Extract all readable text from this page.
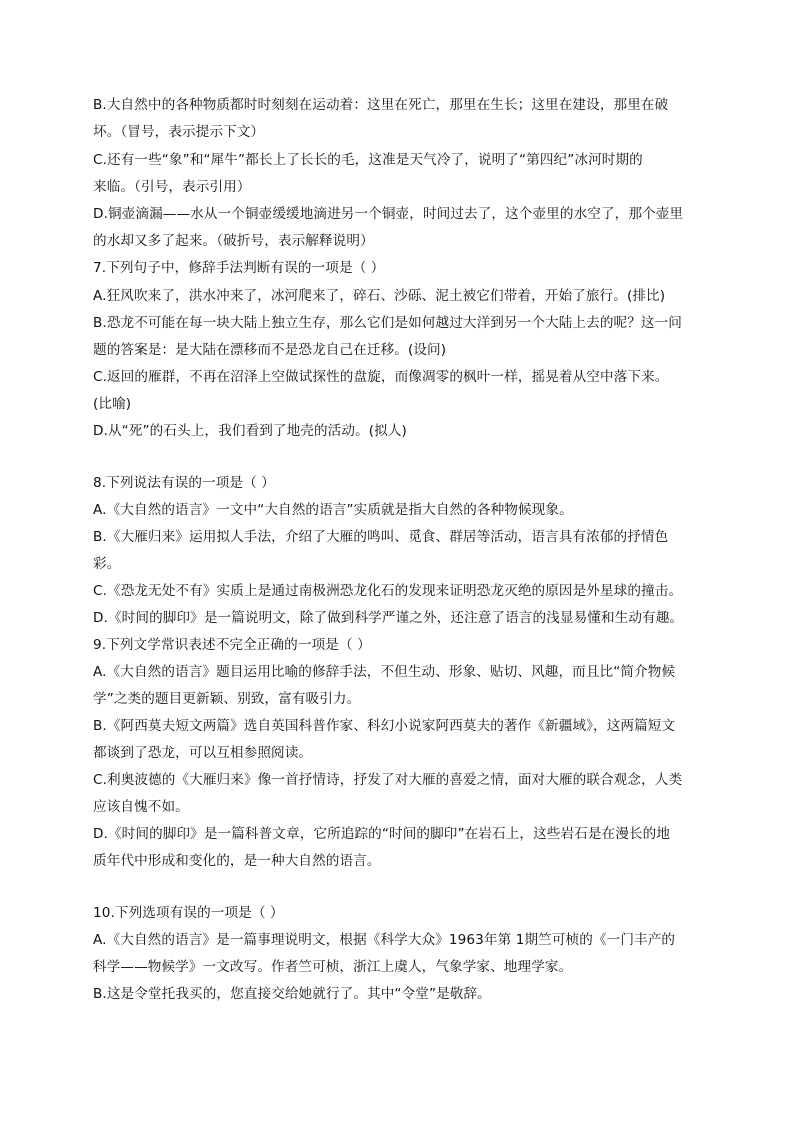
B.大自然中的各种物质都时时刻刻在运动着：这里在死亡，那里在生长；这里在建设，那里在破
坏。（冒号，表示提示下文）
C.还有一些“象”和“犀牛”都长上了长长的毛，这准是天气冷了，说明了“第四纪”冰河时期的
来临。（引号，表示引用）
D.铜壶滴漏——水从一个铜壶缓缓地滴进另一个铜壶，时间过去了，这个壶里的水空了，那个壶里
的水却又多了起来。（破折号，表示解释说明）
7.下列句子中，修辞手法判断有误的一项是（ ）
A.狂风吹来了，洪水冲来了，冰河爬来了，碎石、沙砾、泥土被它们带着，开始了旅行。(排比)
B.恐龙不可能在每一块大陆上独立生存，那么它们是如何越过大洋到另一个大陆上去的呢？这一问
题的答案是：是大陆在漂移而不是恐龙自己在迁移。(设问)
C.返回的雁群，不再在沼泽上空做试探性的盘旋，而像凋零的枫叶一样，摇晃着从空中落下来。
(比喻)
D.从“死”的石头上，我们看到了地壳的活动。(拟人)
8.下列说法有误的一项是（ ）
A.《大自然的语言》一文中“大自然的语言”实质就是指大自然的各种物候现象。
B.《大雁归来》运用拟人手法，介绍了大雁的鸣叫、觅食、群居等活动，语言具有浓郁的抒情色
彩。
C.《恐龙无处不有》实质上是通过南极洲恐龙化石的发现来证明恐龙灭绝的原因是外星球的撞击。
D.《时间的脚印》是一篇说明文，除了做到科学严谨之外，还注意了语言的浅显易懂和生动有趣。
9.下列文学常识表述不完全正确的一项是（ ）
A.《大自然的语言》题目运用比喻的修辞手法，不但生动、形象、贴切、风趣，而且比“简介物候
学”之类的题目更新颖、别致，富有吸引力。
B.《阿西莫夫短文两篇》选自英国科普作家、科幻小说家阿西莫夫的著作《新疆域》，这两篇短文
都谈到了恐龙，可以互相参照阅读。
C.利奥波德的《大雁归来》像一首抒情诗，抒发了对大雁的喜爱之情，面对大雁的联合观念，人类
应该自愧不如。
D.《时间的脚印》是一篇科普文章，它所追踪的“时间的脚印”在岩石上，这些岩石是在漫长的地
质年代中形成和变化的，是一种大自然的语言。
10.下列选项有误的一项是（ ）
A.《大自然的语言》是一篇事理说明文，根据《科学大众》1963年第 1期竺可桢的《一门丰产的
科学——物候学》一文改写。作者竺可桢，浙江上虞人，气象学家、地理学家。
B.这是令堂托我买的，您直接交给她就行了。其中“令堂”是敬辞。
